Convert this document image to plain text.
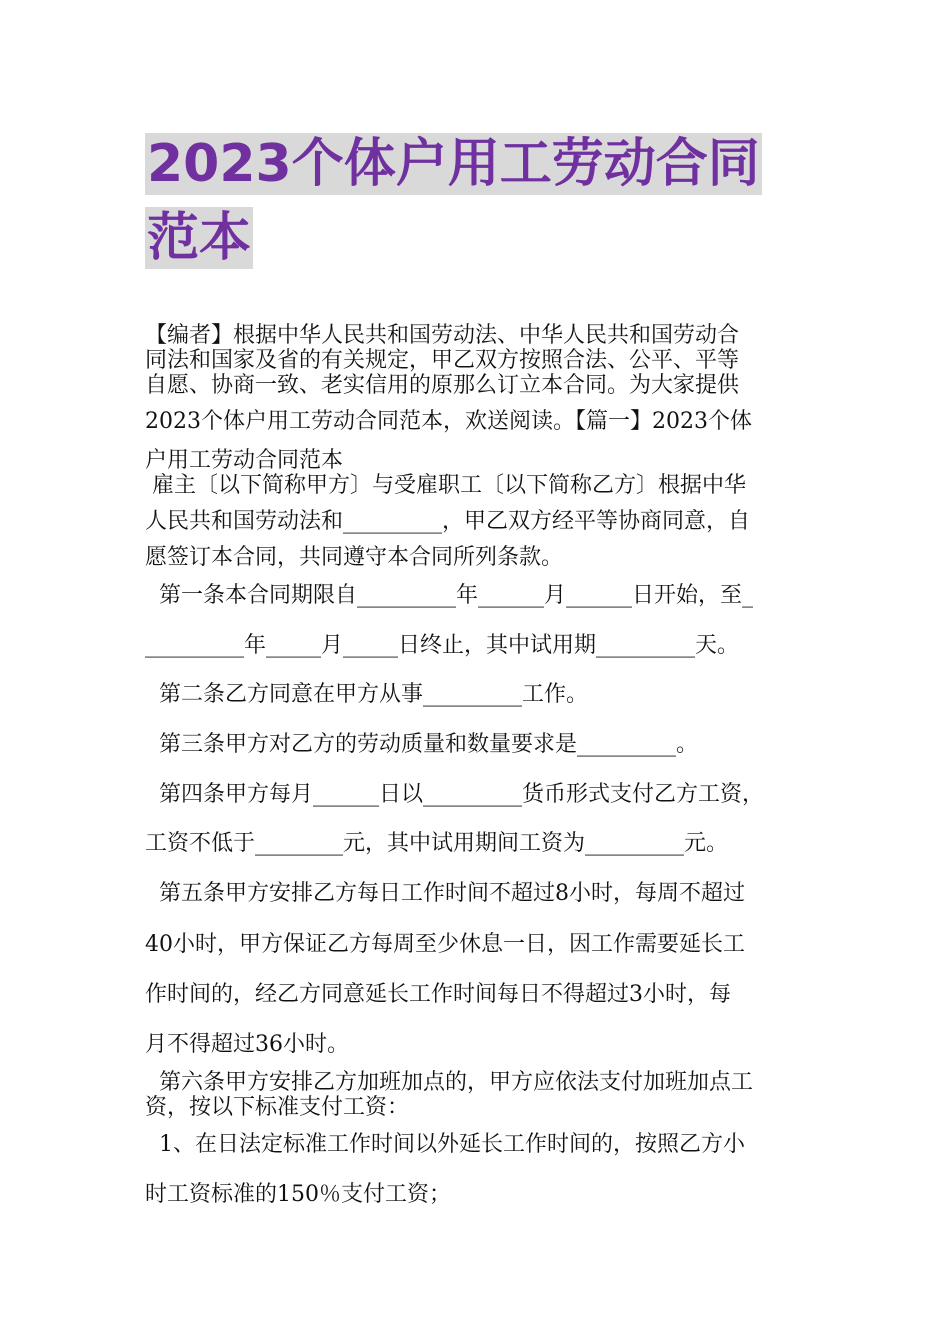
2023个体户用工劳动合同
范本
【编者】根据中华人民共和国劳动法、中华人民共和国劳动合
同法和国家及省的有关规定，甲乙双方按照合法、公平、平等
自愿、协商一致、老实信用的原那么订立本合同。为大家提供
2023个体户用工劳动合同范本，欢送阅读。【篇一】2023个体
户用工劳动合同范本
雇主〔以下简称甲方〕与受雇职工〔以下简称乙方〕根据中华
人民共和国劳动法和_________，甲乙双方经平等协商同意，自
愿签订本合同，共同遵守本合同所列条款。
第一条本合同期限自_________年______月______日开始，至_
_________年_____月_____日终止，其中试用期_________天。
第二条乙方同意在甲方从事_________工作。
第三条甲方对乙方的劳动质量和数量要求是_________。
第四条甲方每月______日以_________货币形式支付乙方工资，
工资不低于________元，其中试用期间工资为_________元。
第五条甲方安排乙方每日工作时间不超过8小时，每周不超过
40小时，甲方保证乙方每周至少休息一日，因工作需要延长工
作时间的，经乙方同意延长工作时间每日不得超过3小时，每
月不得超过36小时。
第六条甲方安排乙方加班加点的，甲方应依法支付加班加点工
资，按以下标准支付工资：
1、在日法定标准工作时间以外延长工作时间的，按照乙方小
时工资标准的150％支付工资；
